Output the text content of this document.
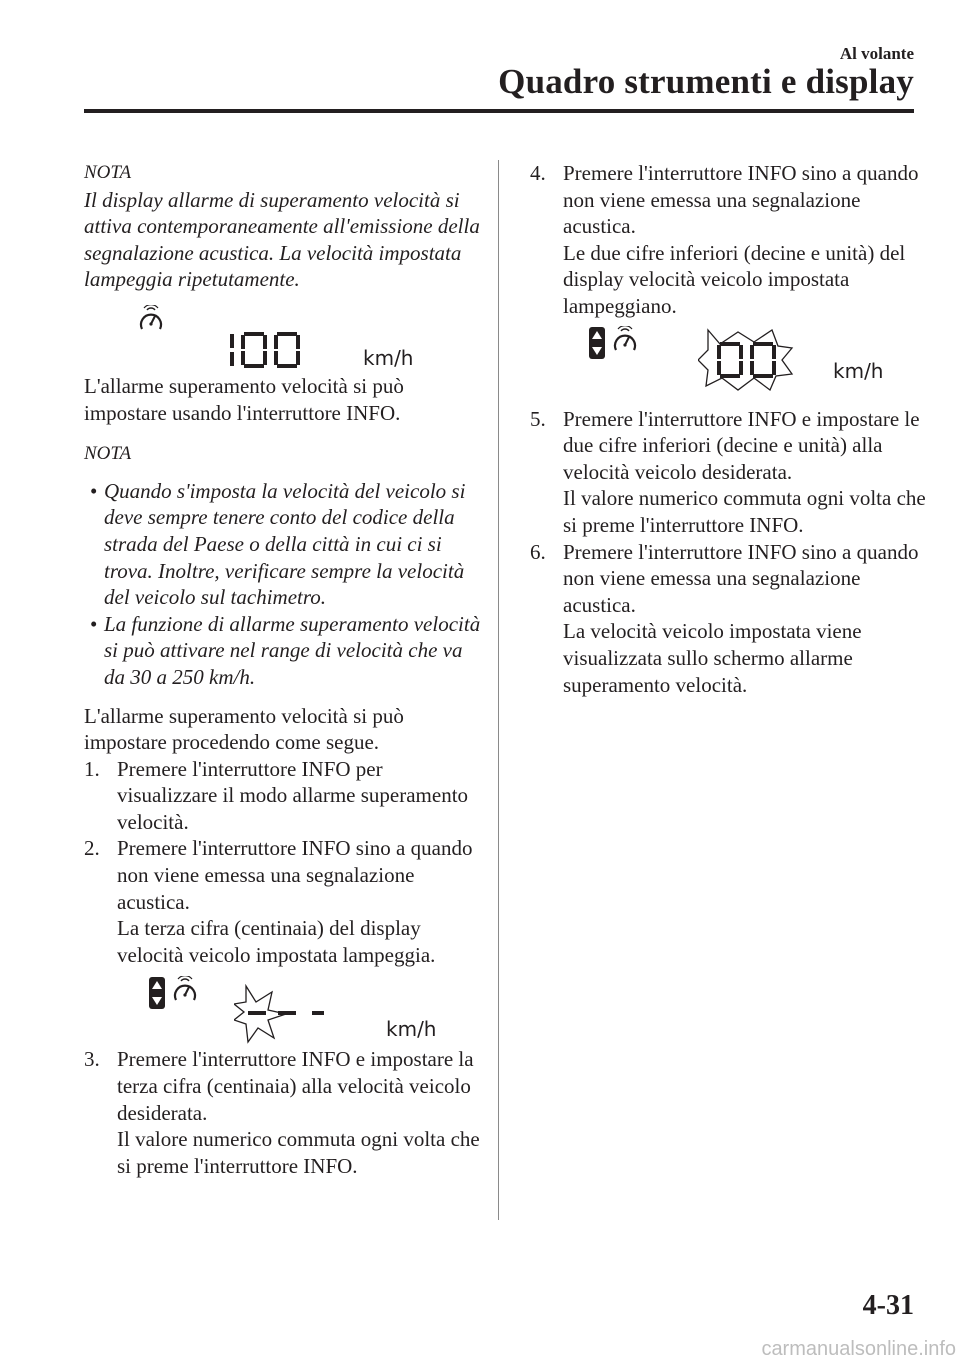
Al volante
Quadro strumenti e display

NOTA

Il display allarme di superamento velocità si attiva contemporaneamente all'emissione della segnalazione acustica. La velocità impostata lampeggia ripetutamente.

km/h

L'allarme superamento velocità si può impostare usando l'interruttore INFO.

NOTA

• Quando s'imposta la velocità del veicolo si deve sempre tenere conto del codice della strada del Paese o della città in cui ci si trova. Inoltre, verificare sempre la velocità del veicolo sul tachimetro.
• La funzione di allarme superamento velocità si può attivare nel range di velocità che va da 30 a 250 km/h.

L'allarme superamento velocità si può impostare procedendo come segue.

1. Premere l'interruttore INFO per visualizzare il modo allarme superamento velocità.
2. Premere l'interruttore INFO sino a quando non viene emessa una segnalazione acustica.
La terza cifra (centinaia) del display velocità veicolo impostata lampeggia.
km/h
3. Premere l'interruttore INFO e impostare la terza cifra (centinaia) alla velocità veicolo desiderata.
Il valore numerico commuta ogni volta che si preme l'interruttore INFO.
4. Premere l'interruttore INFO sino a quando non viene emessa una segnalazione acustica.
Le due cifre inferiori (decine e unità) del display velocità veicolo impostata lampeggiano.
km/h
5. Premere l'interruttore INFO e impostare le due cifre inferiori (decine e unità) alla velocità veicolo desiderata.
Il valore numerico commuta ogni volta che si preme l'interruttore INFO.
6. Premere l'interruttore INFO sino a quando non viene emessa una segnalazione acustica.
La velocità veicolo impostata viene visualizzata sullo schermo allarme superamento velocità.
4-31
carmanualsonline.info
